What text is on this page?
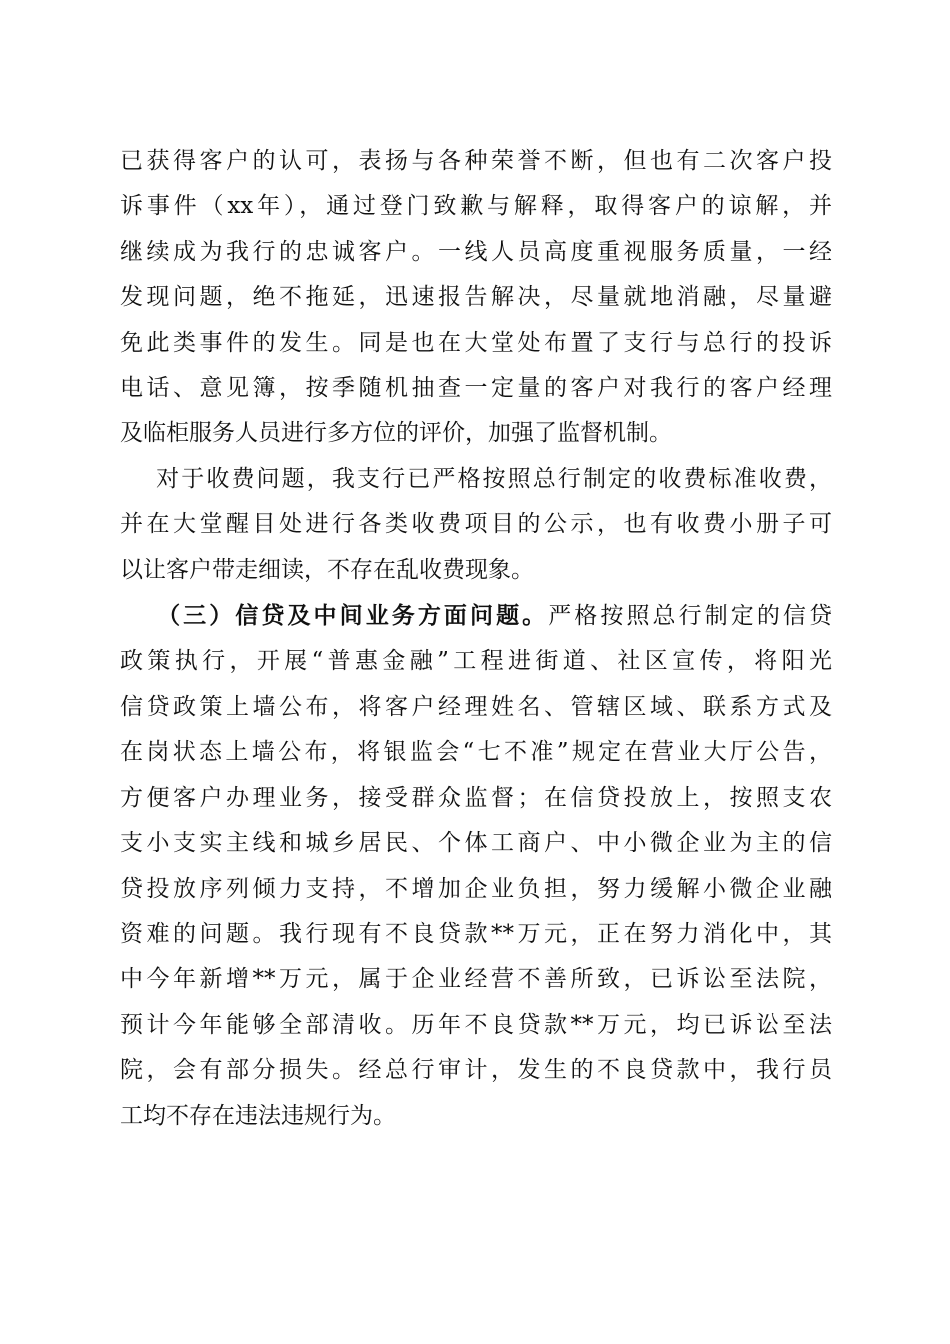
已获得客户的认可，表扬与各种荣誉不断，但也有二次客户投
诉事件（xx年），通过登门致歉与解释，取得客户的谅解，并
继续成为我行的忠诚客户。一线人员高度重视服务质量，一经
发现问题，绝不拖延，迅速报告解决，尽量就地消融，尽量避
免此类事件的发生。同是也在大堂处布置了支行与总行的投诉
电话、意见簿，按季随机抽查一定量的客户对我行的客户经理
及临柜服务人员进行多方位的评价，加强了监督机制。

对于收费问题，我支行已严格按照总行制定的收费标准收费，
并在大堂醒目处进行各类收费项目的公示，也有收费小册子可
以让客户带走细读，不存在乱收费现象。

（三）信贷及中间业务方面问题。严格按照总行制定的信贷
政策执行，开展“普惠金融”工程进街道、社区宣传，将阳光
信贷政策上墙公布，将客户经理姓名、管辖区域、联系方式及
在岗状态上墙公布，将银监会“七不准”规定在营业大厅公告，
方便客户办理业务，接受群众监督；在信贷投放上，按照支农
支小支实主线和城乡居民、个体工商户、中小微企业为主的信
贷投放序列倾力支持，不增加企业负担，努力缓解小微企业融
资难的问题。我行现有不良贷款**万元，正在努力消化中，其
中今年新增**万元，属于企业经营不善所致，已诉讼至法院，
预计今年能够全部清收。历年不良贷款**万元，均已诉讼至法
院，会有部分损失。经总行审计，发生的不良贷款中，我行员
工均不存在违法违规行为。
